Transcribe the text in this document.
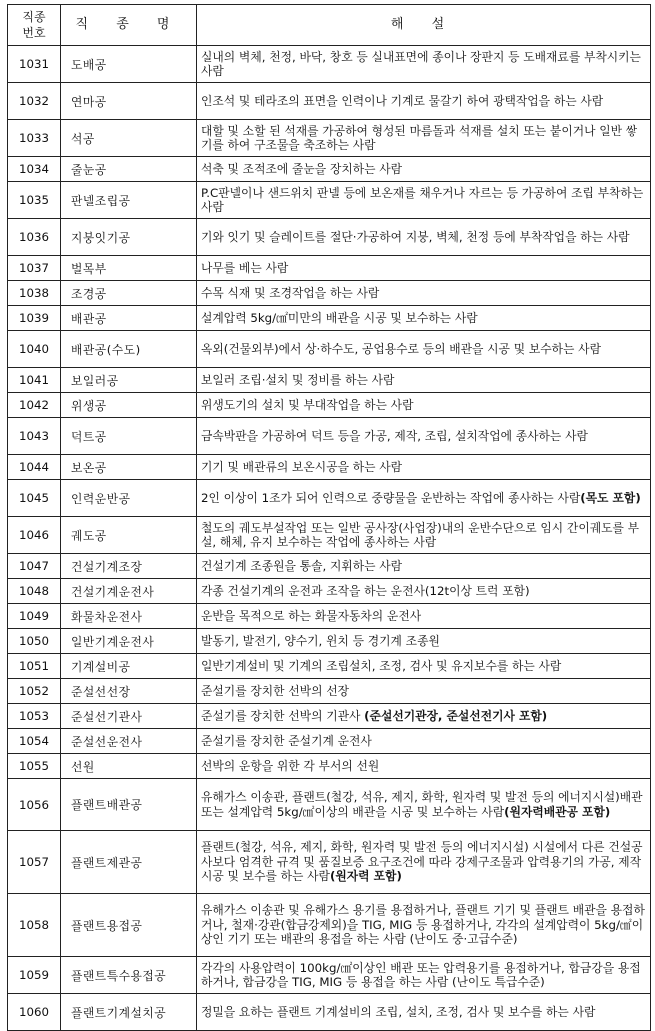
직종
번호	직 종 명	해 설
1031	도배공	실내의 벽체, 천정, 바닥, 창호 등 실내표면에 종이나 장판지 등 도배재료를 부착시키는 사람
1032	연마공	인조석 및 테라조의 표면을 인력이나 기계로 물갈기 하여 광택작업을 하는 사람
1033	석공	대할 및 소할 된 석재를 가공하여 형성된 마름돌과 석재를 설치 또는 붙이거나 일반 쌓기를 하여 구조물을 축조하는 사람
1034	줄눈공	석축 및 조적조에 줄눈을 장치하는 사람
1035	판넬조립공	P.C판넬이나 샌드위치 판넬 등에 보온재를 채우거나 자르는 등 가공하여 조립 부착하는 사람
1036	지붕잇기공	기와 잇기 및 슬레이트를 절단·가공하여 지붕, 벽체, 천정 등에 부착작업을 하는 사람
1037	벌목부	나무를 베는 사람
1038	조경공	수목 식재 및 조경작업을 하는 사람
1039	배관공	설계압력 5kg/㎠미만의 배관을 시공 및 보수하는 사람
1040	배관공(수도)	옥외(건물외부)에서 상·하수도, 공업용수로 등의 배관을 시공 및 보수하는 사람
1041	보일러공	보일러 조립·설치 및 정비를 하는 사람
1042	위생공	위생도기의 설치 및 부대작업을 하는 사람
1043	덕트공	금속박판을 가공하여 덕트 등을 가공, 제작, 조립, 설치작업에 종사하는 사람
1044	보온공	기기 및 배관류의 보온시공을 하는 사람
1045	인력운반공	2인 이상이 1조가 되어 인력으로 중량물을 운반하는 작업에 종사하는 사람(목도 포함)
1046	궤도공	철도의 궤도부설작업 또는 일반 공사장(사업장)내의 운반수단으로 임시 간이궤도를 부설, 해체, 유지 보수하는 작업에 종사하는 사람
1047	건설기계조장	건설기계 조종원을 통솔, 지휘하는 사람
1048	건설기계운전사	각종 건설기계의 운전과 조작을 하는 운전사(12t이상 트럭 포함)
1049	화물차운전사	운반을 목적으로 하는 화물자동차의 운전사
1050	일반기계운전사	발동기, 발전기, 양수기, 윈치 등 경기계 조종원
1051	기계설비공	일반기계설비 및 기계의 조립설치, 조정, 검사 및 유지보수를 하는 사람
1052	준설선선장	준설기를 장치한 선박의 선장
1053	준설선기관사	준설기를 장치한 선박의 기관사 (준설선기관장, 준설선전기사 포함)
1054	준설선운전사	준설기를 장치한 준설기계 운전사
1055	선원	선박의 운항을 위한 각 부서의 선원
1056	플랜트배관공	유해가스 이송관, 플랜트(철강, 석유, 제지, 화학, 원자력 및 발전 등의 에너지시설)배관 또는 설계압력 5kg/㎠이상의 배관을 시공 및 보수하는 사람(원자력배관공 포함)
1057	플랜트제관공	플랜트(철강, 석유, 제지, 화학, 원자력 및 발전 등의 에너지시설) 시설에서 다른 건설공사보다 엄격한 규격 및 품질보증 요구조건에 따라 강제구조물과 압력용기의 가공, 제작시공 및 보수를 하는 사람(원자력 포함)
1058	플랜트용접공	유해가스 이송관 및 유해가스 용기를 용접하거나, 플랜트 기기 및 플랜트 배관을 용접하거나, 철재·강관(합금강제외)을 TIG, MIG 등 용접하거나, 각각의 설계압력이 5kg/㎠이상인 기기 또는 배관의 용접을 하는 사람 (난이도 중·고급수준)
1059	플랜트특수용접공	각각의 사용압력이 100kg/㎠이상인 배관 또는 압력용기를 용접하거나, 합금강을 용접 하거나, 합금강을 TIG, MIG 등 용접을 하는 사람 (난이도 특급수준)
1060	플랜트기계설치공	정밀을 요하는 플랜트 기계설비의 조립, 설치, 조정, 검사 및 보수를 하는 사람
